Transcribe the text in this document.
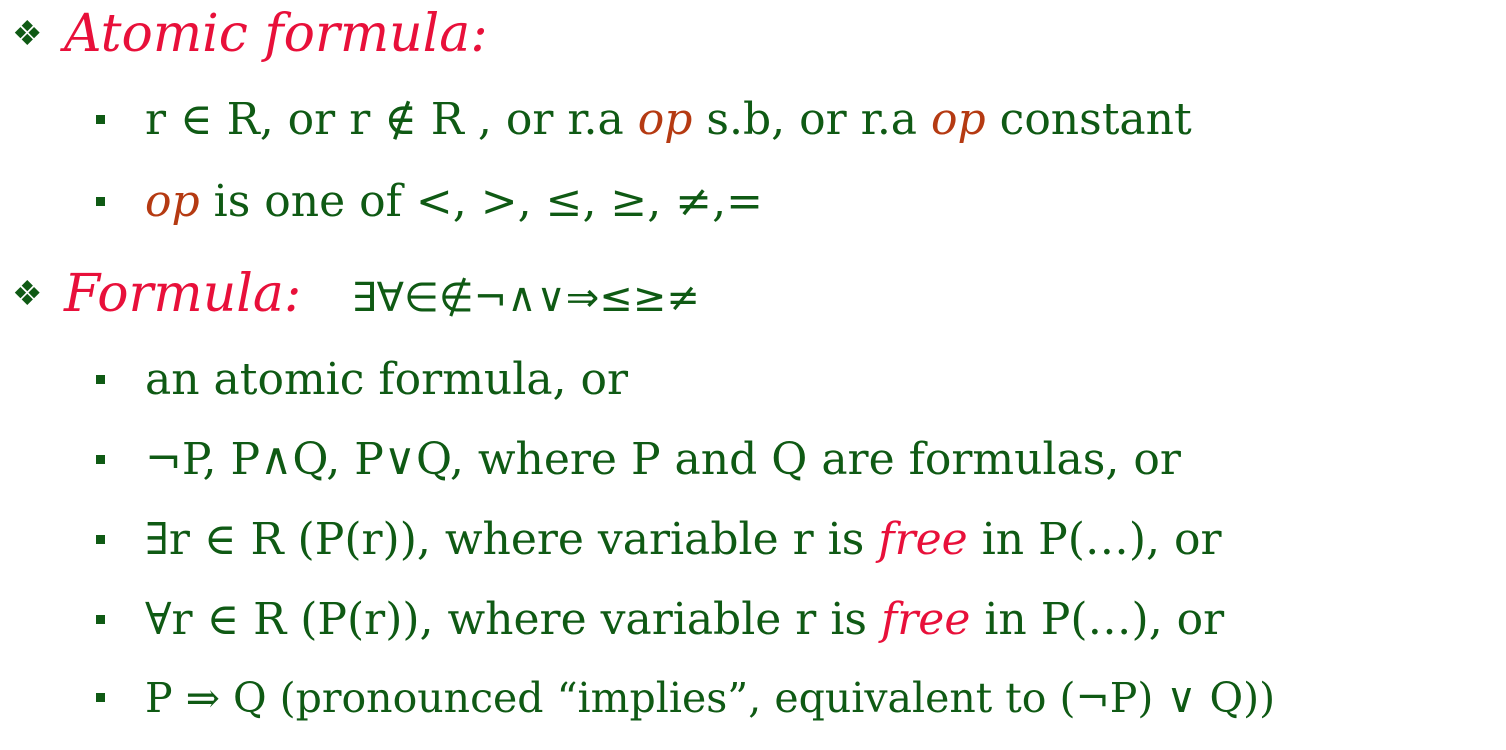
❖ Atomic formula:
r ∈ R, or r ∉ R , or r.a op s.b, or r.a op constant
op is one of <, >, ≤, ≥, ≠,=
❖ Formula: ∃∀∈∉¬∧∨⇒≤≥≠
an atomic formula, or
¬P, P∧Q, P∨Q, where P and Q are formulas, or
∃r ∈ R (P(r)), where variable r is free in P(…), or
∀r ∈ R (P(r)), where variable r is free in P(…), or
P ⇒ Q (pronounced “implies”, equivalent to (¬P) ∨ Q))
